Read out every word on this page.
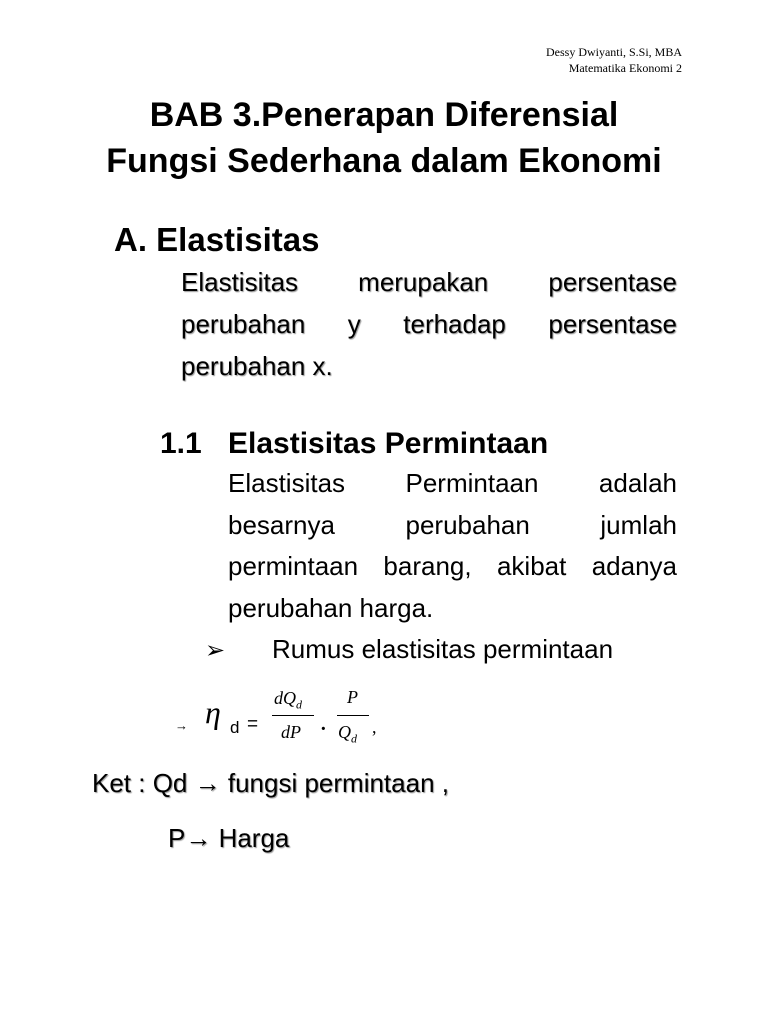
Dessy Dwiyanti, S.Si, MBA
Matematika Ekonomi 2
BAB 3.Penerapan Diferensial
Fungsi Sederhana dalam Ekonomi
A. Elastisitas
Elastisitas merupakan persentase perubahan y terhadap persentase perubahan x.
1.1 Elastisitas Permintaan
Elastisitas Permintaan adalah besarnya perubahan jumlah permintaan barang, akibat adanya perubahan harga.
➢ Rumus elastisitas permintaan
→ η d =
$dQ_d$
dP ·
P
$Q_d$
,
Ket : Qd → fungsi permintaan ,
P→ Harga
